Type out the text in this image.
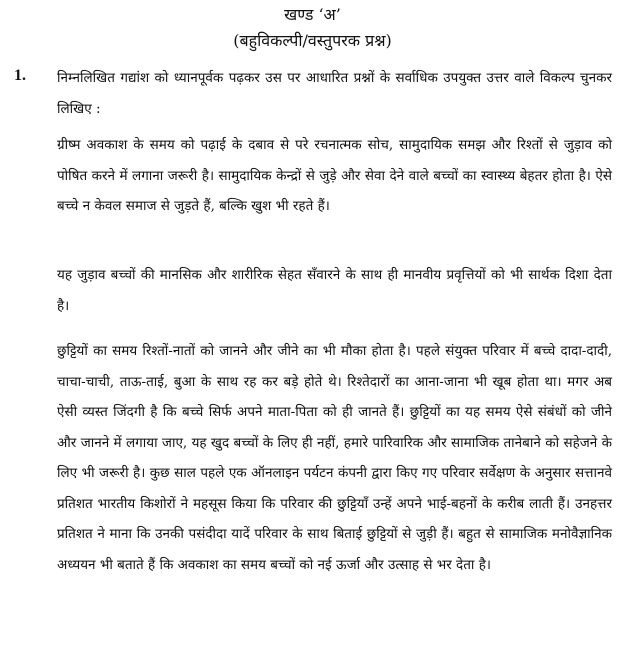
खण्ड ‘अ’

(बहुविकल्पी/वस्तुपरक प्रश्न)

1. निम्नलिखित गद्यांश को ध्यानपूर्वक पढ़कर उस पर आधारित प्रश्नों के सर्वाधिक उपयुक्त उत्तर वाले विकल्प चुनकर लिखिए :

ग्रीष्म अवकाश के समय को पढ़ाई के दबाव से परे रचनात्मक सोच, सामुदायिक समझ और रिश्तों से जुड़ाव को पोषित करने में लगाना जरूरी है। सामुदायिक केन्द्रों से जुड़े और सेवा देने वाले बच्चों का स्वास्थ्य बेहतर होता है। ऐसे बच्चे न केवल समाज से जुड़ते हैं, बल्कि खुश भी रहते हैं।

यह जुड़ाव बच्चों की मानसिक और शारीरिक सेहत सँवारने के साथ ही मानवीय प्रवृत्तियों को भी सार्थक दिशा देता है।

छुट्टियों का समय रिश्तों-नातों को जानने और जीने का भी मौका होता है। पहले संयुक्त परिवार में बच्चे दादा-दादी, चाचा-चाची, ताऊ-ताई, बुआ के साथ रह कर बड़े होते थे। रिश्तेदारों का आना-जाना भी खूब होता था। मगर अब ऐसी व्यस्त जिंदगी है कि बच्चे सिर्फ अपने माता-पिता को ही जानते हैं। छुट्टियों का यह समय ऐसे संबंधों को जीने और जानने में लगाया जाए, यह खुद बच्चों के लिए ही नहीं, हमारे पारिवारिक और सामाजिक तानेबाने को सहेजने के लिए भी जरूरी है। कुछ साल पहले एक ऑनलाइन पर्यटन कंपनी द्वारा किए गए परिवार सर्वेक्षण के अनुसार सत्तानवे प्रतिशत भारतीय किशोरों ने महसूस किया कि परिवार की छुट्टियाँ उन्हें अपने भाई-बहनों के करीब लाती हैं। उनहत्तर प्रतिशत ने माना कि उनकी पसंदीदा यादें परिवार के साथ बिताई छुट्टियों से जुड़ी हैं। बहुत से सामाजिक मनोवैज्ञानिक अध्ययन भी बताते हैं कि अवकाश का समय बच्चों को नई ऊर्जा और उत्साह से भर देता है।
